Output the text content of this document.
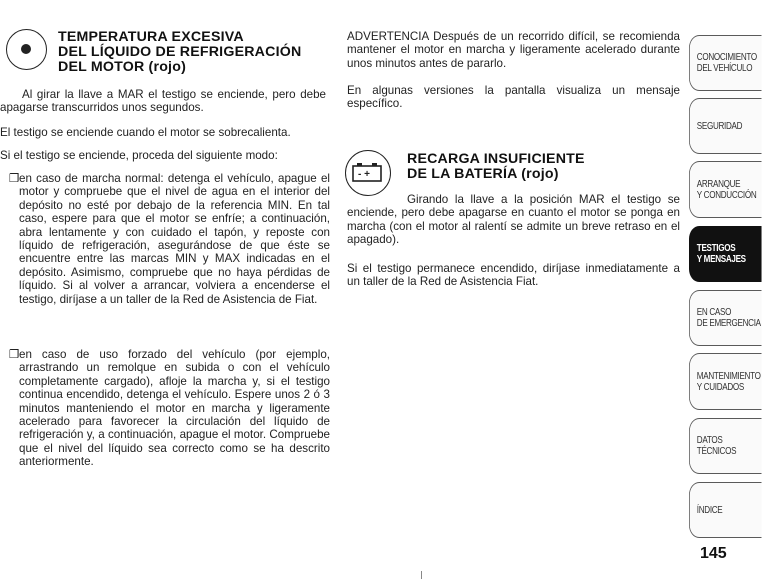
TEMPERATURA EXCESIVA
DEL LÍQUIDO DE REFRIGERACIÓN
DEL MOTOR (rojo)

Al girar la llave a MAR el testigo se enciende, pero debe apagarse transcurridos unos segundos.

El testigo se enciende cuando el motor se sobrecalienta.

Si el testigo se enciende, proceda del siguiente modo:

❐ en caso de marcha normal: detenga el vehículo, apague el motor y compruebe que el nivel de agua en el interior del depósito no esté por debajo de la referencia MIN. En tal caso, espere para que el motor se enfríe; a continuación, abra lentamente y con cuidado el tapón, y reposte con líquido de refrigeración, asegurándose de que éste se encuentre entre las marcas MIN y MAX indicadas en el depósito. Asimismo, compruebe que no haya pérdidas de líquido. Si al volver a arrancar, volviera a encenderse el testigo, diríjase a un taller de la Red de Asistencia de Fiat.
❐ en caso de uso forzado del vehículo (por ejemplo, arrastrando un remolque en subida o con el vehículo completamente cargado), afloje la marcha y, si el testigo continua encendido, detenga el vehículo. Espere unos 2 ó 3 minutos manteniendo el motor en marcha y ligeramente acelerado para favorecer la circulación del líquido de refrigeración y, a continuación, apague el motor. Compruebe que el nivel del líquido sea correcto como se ha descrito anteriormente.

ADVERTENCIA Después de un recorrido difícil, se recomienda mantener el motor en marcha y ligeramente acelerado durante unos minutos antes de pararlo.

En algunas versiones la pantalla visualiza un mensaje específico.

- +
RECARGA INSUFICIENTE
DE LA BATERÍA (rojo)

Girando la llave a la posición MAR el testigo se enciende, pero debe apagarse en cuanto el motor se ponga en marcha (con el motor al ralentí se admite un breve retraso en el apagado).

Si el testigo permanece encendido, diríjase inmediatamente a un taller de la Red de Asistencia Fiat.

CONOCIMIENTO
DEL VEHÍCULO
SEGURIDAD
ARRANQUE
Y CONDUCCIÓN
TESTIGOS
Y MENSAJES
EN CASO
DE EMERGENCIA
MANTENIMIENTO
Y CUIDADOS
DATOS TÉCNICOS
ÍNDICE
145
